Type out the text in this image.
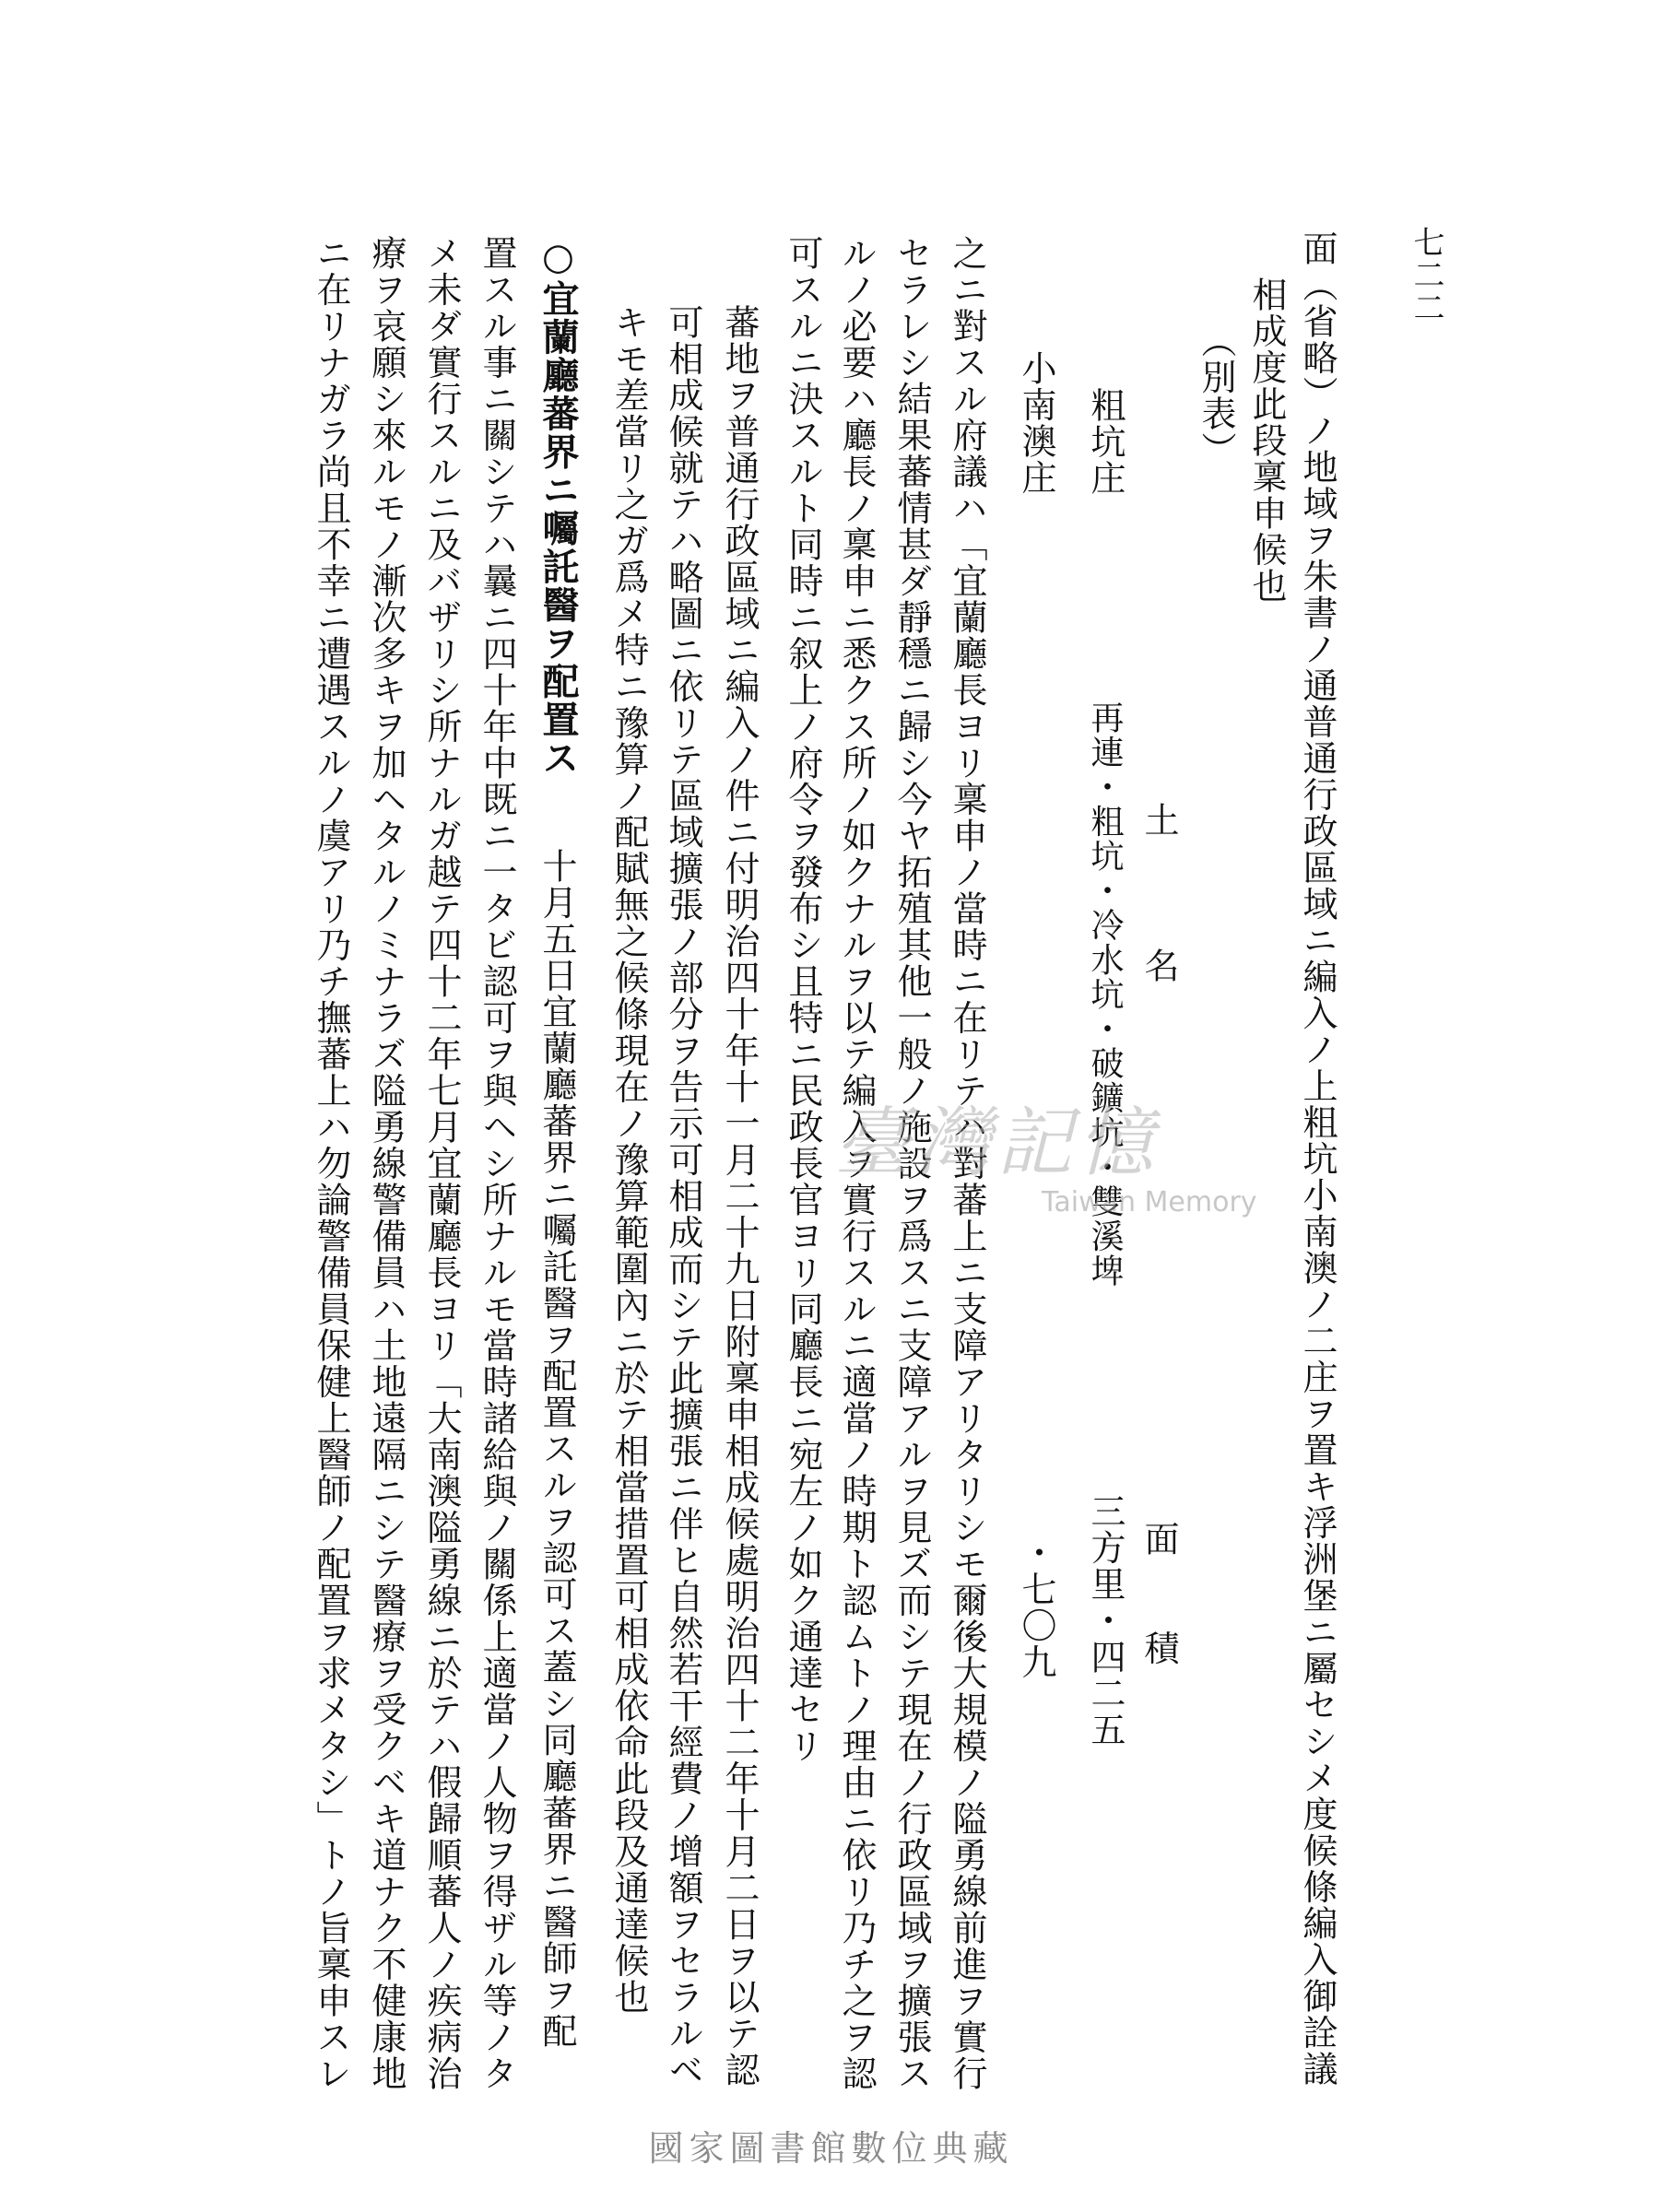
七二二
面（省略）ノ地域ヲ朱書ノ通普通行政區域ニ編入ノ上粗坑小南澳ノ二庄ヲ置キ浮洲堡ニ屬セシメ度候條編入御詮議
相成度此段稟申候也
（別表）
土　　　名
粗坑庄
再連・粗坑・冷水坑・破鑛坑・雙溪埤
小南澳庄
面　　積
三方里・四二五
・七〇九
之ニ對スル府議ハ「宜蘭廳長ヨリ稟申ノ當時ニ在リテハ對蕃上ニ支障アリタリシモ爾後大規模ノ隘勇線前進ヲ實行
セラレシ結果蕃情甚ダ靜穩ニ歸シ今ヤ拓殖其他一般ノ施設ヲ爲スニ支障アルヲ見ズ而シテ現在ノ行政區域ヲ擴張ス
ルノ必要ハ廳長ノ稟申ニ悉クス所ノ如クナルヲ以テ編入ヲ實行スルニ適當ノ時期ト認ムトノ理由ニ依リ乃チ之ヲ認
可スルニ決スルト同時ニ叙上ノ府令ヲ發布シ且特ニ民政長官ヨリ同廳長ニ宛左ノ如ク通達セリ
蕃地ヲ普通行政區域ニ編入ノ件ニ付明治四十年十一月二十九日附稟申相成候處明治四十二年十月二日ヲ以テ認
可相成候就テハ略圖ニ依リテ區域擴張ノ部分ヲ告示可相成而シテ此擴張ニ伴ヒ自然若干經費ノ增額ヲセラルベ
キモ差當リ之ガ爲メ特ニ豫算ノ配賦無之候條現在ノ豫算範圍內ニ於テ相當措置可相成依命此段及通達候也
○宜蘭廳蕃界ニ囑託醫ヲ配置ス
十月五日宜蘭廳蕃界ニ囑託醫ヲ配置スルヲ認可ス蓋シ同廳蕃界ニ醫師ヲ配
置スル事ニ關シテハ曩ニ四十年中既ニ一タビ認可ヲ與ヘシ所ナルモ當時諸給與ノ關係上適當ノ人物ヲ得ザル等ノタ
メ未ダ實行スルニ及バザリシ所ナルガ越テ四十二年七月宜蘭廳長ヨリ「大南澳隘勇線ニ於テハ假歸順蕃人ノ疾病治
療ヲ哀願シ來ルモノ漸次多キヲ加ヘタルノミナラズ隘勇線警備員ハ土地遠隔ニシテ醫療ヲ受クベキ道ナク不健康地
ニ在リナガラ尚且不幸ニ遭遇スルノ虞アリ乃チ撫蕃上ハ勿論警備員保健上醫師ノ配置ヲ求メタシ」トノ旨稟申スレ	臺灣記憶
Taiwan Memory
國家圖書館數位典藏
